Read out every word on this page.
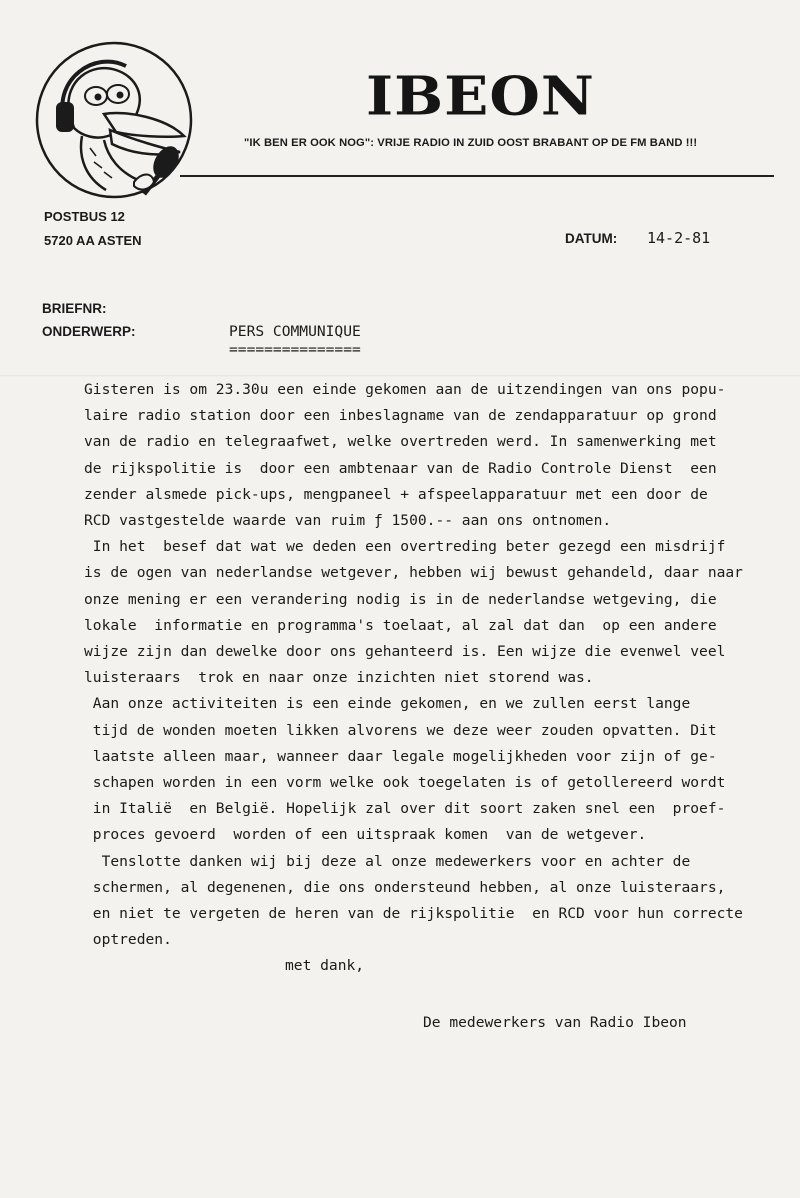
IBEON
"IK BEN ER OOK NOG": VRIJE RADIO IN ZUID OOST BRABANT OP DE FM BAND !!!
POSTBUS 12
5720 AA ASTEN	DATUM: 14-2-81
BRIEFNR:
ONDERWERP:	PERS COMMUNIQUE
===============
Gisteren is om 23.30u een einde gekomen aan de uitzendingen van ons popu-
laire radio station door een inbeslagname van de zendapparatuur op grond
van de radio en telegraafwet, welke overtreden werd. In samenwerking met
de rijkspolitie is  door een ambtenaar van de Radio Controle Dienst  een
zender alsmede pick-ups, mengpaneel + afspeelapparatuur met een door de
RCD vastgestelde waarde van ruim ƒ 1500.-- aan ons ontnomen.
In het  besef dat wat we deden een overtreding beter gezegd een misdrijf
is de ogen van nederlandse wetgever, hebben wij bewust gehandeld, daar naar
onze mening er een verandering nodig is in de nederlandse wetgeving, die
lokale  informatie en programma's toelaat, al zal dat dan  op een andere
wijze zijn dan dewelke door ons gehanteerd is. Een wijze die evenwel veel
luisteraars  trok en naar onze inzichten niet storend was.
Aan onze activiteiten is een einde gekomen, en we zullen eerst lange
tijd de wonden moeten likken alvorens we deze weer zouden opvatten. Dit
laatste alleen maar, wanneer daar legale mogelijkheden voor zijn of ge-
schapen worden in een vorm welke ook toegelaten is of getollereerd wordt
in Italië  en België. Hopelijk zal over dit soort zaken snel een  proef-
proces gevoerd  worden of een uitspraak komen  van de wetgever.
Tenslotte danken wij bij deze al onze medewerkers voor en achter de
schermen, al degenenen, die ons ondersteund hebben, al onze luisteraars,
en niet te vergeten de heren van de rijkspolitie  en RCD voor hun correcte
optreden.
met dank,
De medewerkers van Radio Ibeon
